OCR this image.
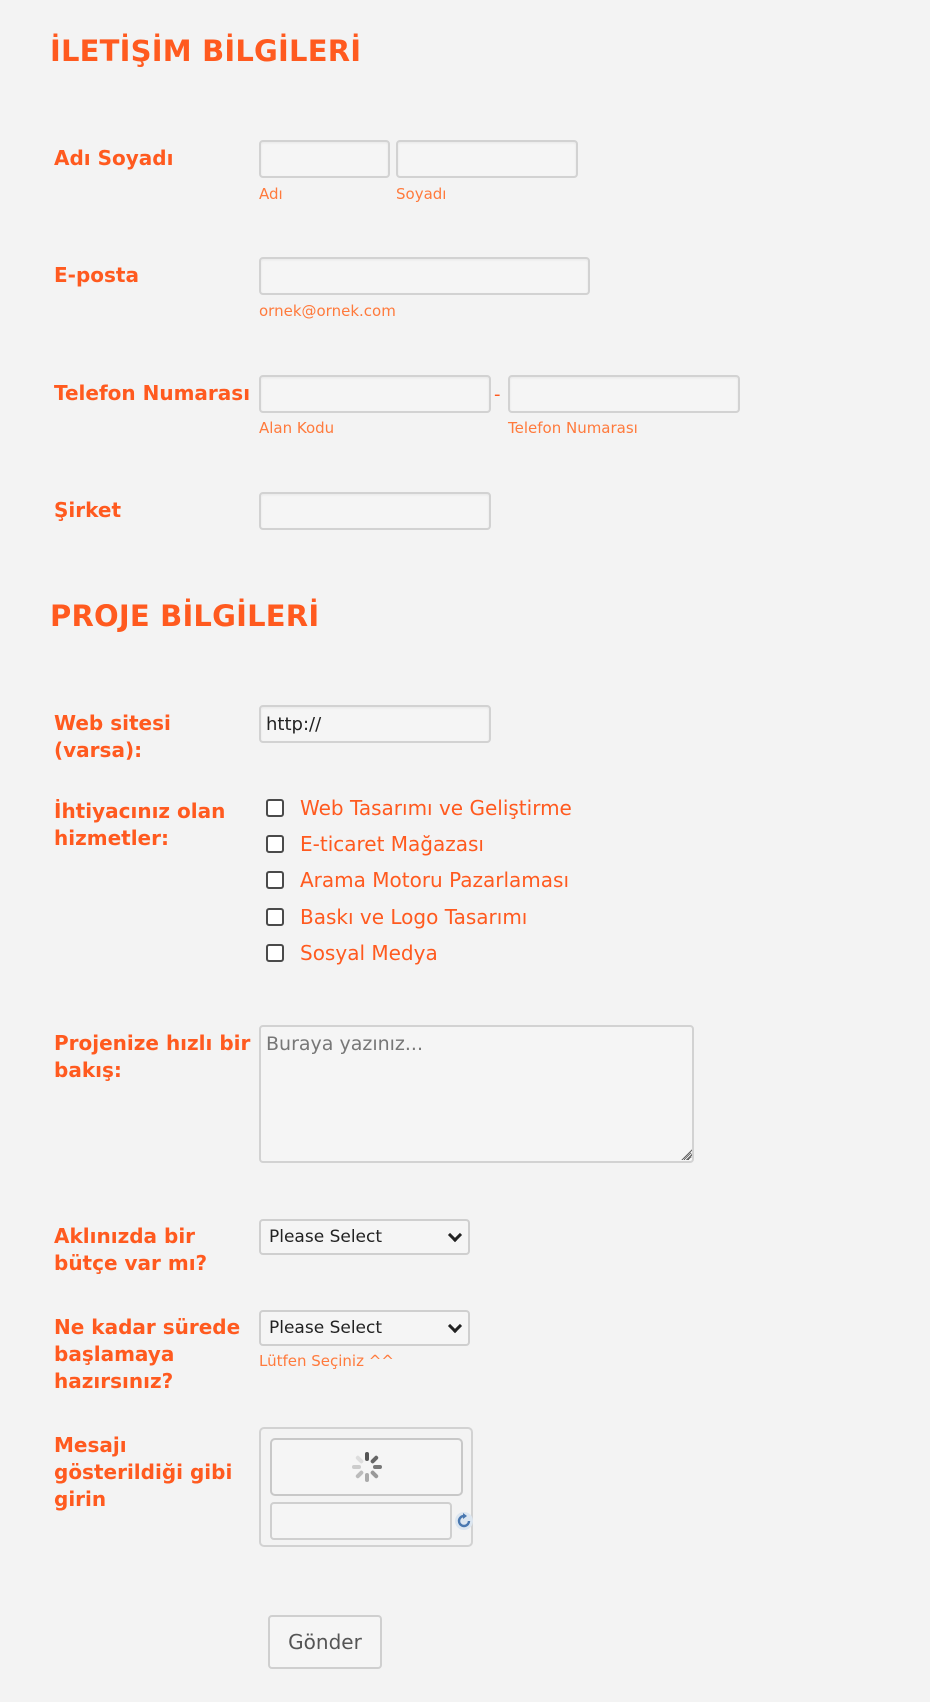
İLETİŞİM BİLGİLERİ
Adı Soyadı
Adı	Soyadı
E-posta
ornek@ornek.com
Telefon Numarası	-
Alan Kodu	Telefon Numarası
Şirket
PROJE BİLGİLERİ
Web sitesi (varsa):
http://
İhtiyacınız olan hizmetler:
Web Tasarımı ve Geliştirme
E-ticaret Mağazası
Arama Motoru Pazarlaması
Baskı ve Logo Tasarımı
Sosyal Medya
Projenize hızlı bir bakış:
Buraya yazınız...
Aklınızda bir bütçe var mı?
Please Select
Ne kadar sürede başlamaya hazırsınız?
Please Select
Lütfen Seçiniz ^^
Mesajı gösterildiği gibi girin
Gönder
